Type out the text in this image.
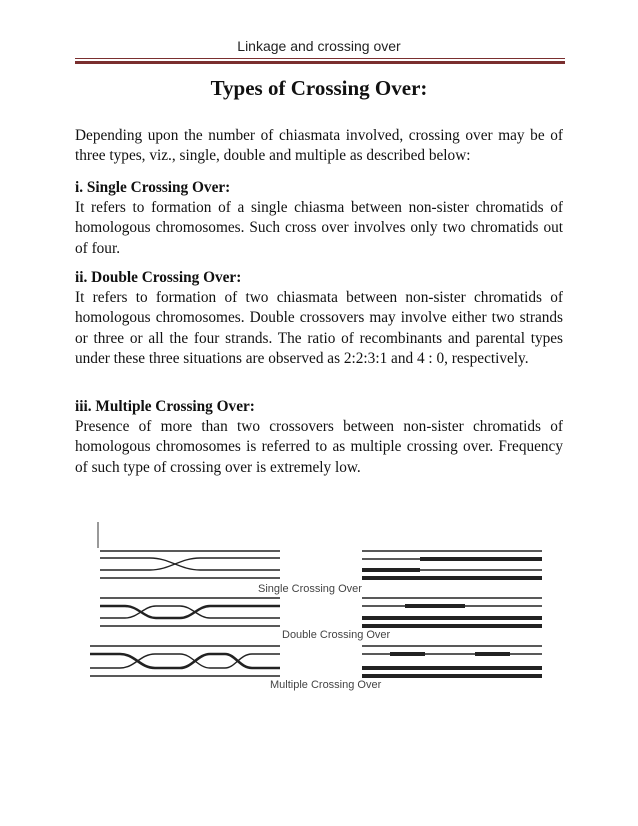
Linkage and crossing over
Types of Crossing Over:
Depending upon the number of chiasmata involved, crossing over may be of three types, viz., single, double and multiple as described below:
i. Single Crossing Over:
It refers to formation of a single chiasma between non-sister chromatids of homologous chromosomes. Such cross over involves only two chromatids out of four.
ii. Double Crossing Over:
It refers to formation of two chiasmata between non-sister chromatids of homologous chromosomes. Double crossovers may involve either two strands or three or all the four strands. The ratio of recombinants and parental types under these three situations are observed as 2:2:3:1 and 4 : 0, respectively.
iii. Multiple Crossing Over:
Presence of more than two crossovers between non-sister chromatids of homologous chromosomes is referred to as multiple crossing over. Frequency of such type of crossing over is extremely low.
Single Crossing Over
Double Crossing Over
Multiple Crossing Over
